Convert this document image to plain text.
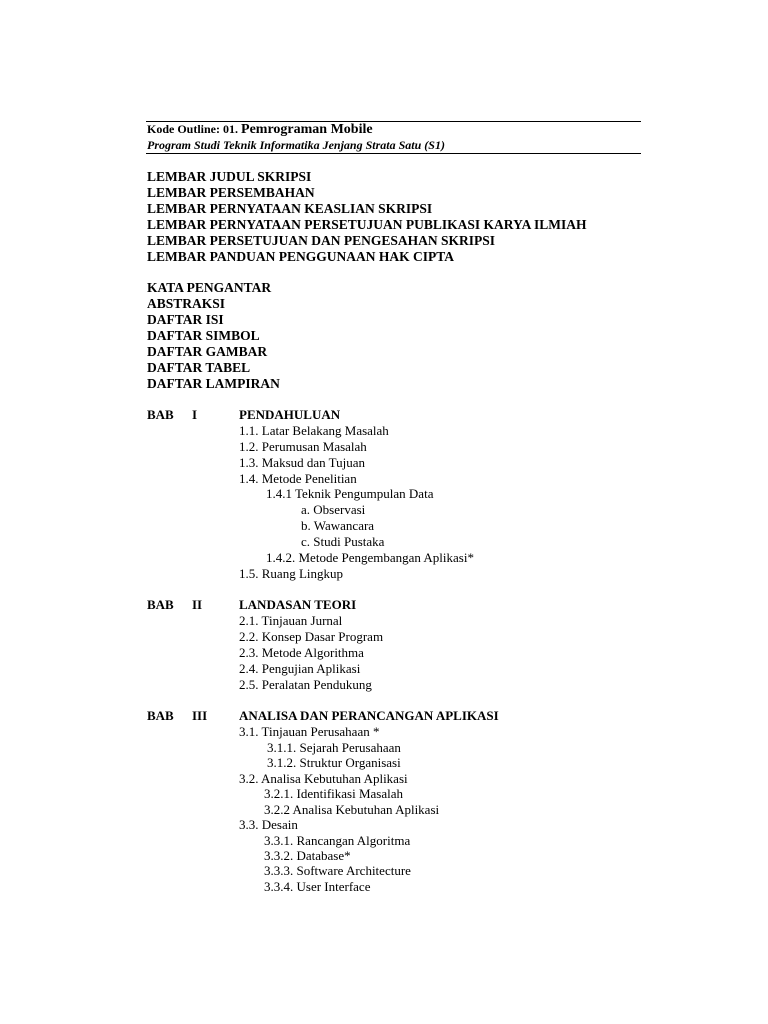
Kode Outline: 01. Pemrograman Mobile
Program Studi Teknik Informatika Jenjang Strata Satu (S1)
LEMBAR JUDUL SKRIPSI
LEMBAR PERSEMBAHAN
LEMBAR PERNYATAAN KEASLIAN SKRIPSI
LEMBAR PERNYATAAN PERSETUJUAN PUBLIKASI KARYA ILMIAH
LEMBAR PERSETUJUAN DAN PENGESAHAN SKRIPSI
LEMBAR PANDUAN PENGGUNAAN HAK CIPTA
KATA PENGANTAR
ABSTRAKSI
DAFTAR ISI
DAFTAR SIMBOL
DAFTAR GAMBAR
DAFTAR TABEL
DAFTAR LAMPIRAN
BAB I	PENDAHULUAN
1.1. Latar Belakang Masalah
1.2. Perumusan Masalah
1.3. Maksud dan Tujuan
1.4. Metode Penelitian
1.4.1 Teknik Pengumpulan Data
a. Observasi
b. Wawancara
c. Studi Pustaka
1.4.2. Metode Pengembangan Aplikasi*
1.5. Ruang Lingkup
BAB II	LANDASAN TEORI
2.1. Tinjauan Jurnal
2.2. Konsep Dasar Program
2.3. Metode Algorithma
2.4. Pengujian Aplikasi
2.5. Peralatan Pendukung
BAB III ANALISA DAN PERANCANGAN APLIKASI
3.1. Tinjauan Perusahaan *
3.1.1. Sejarah Perusahaan
3.1.2. Struktur Organisasi
3.2. Analisa Kebutuhan Aplikasi
3.2.1. Identifikasi Masalah
3.2.2 Analisa Kebutuhan Aplikasi
3.3. Desain
3.3.1. Rancangan Algoritma
3.3.2. Database*
3.3.3. Software Architecture
3.3.4. User Interface
